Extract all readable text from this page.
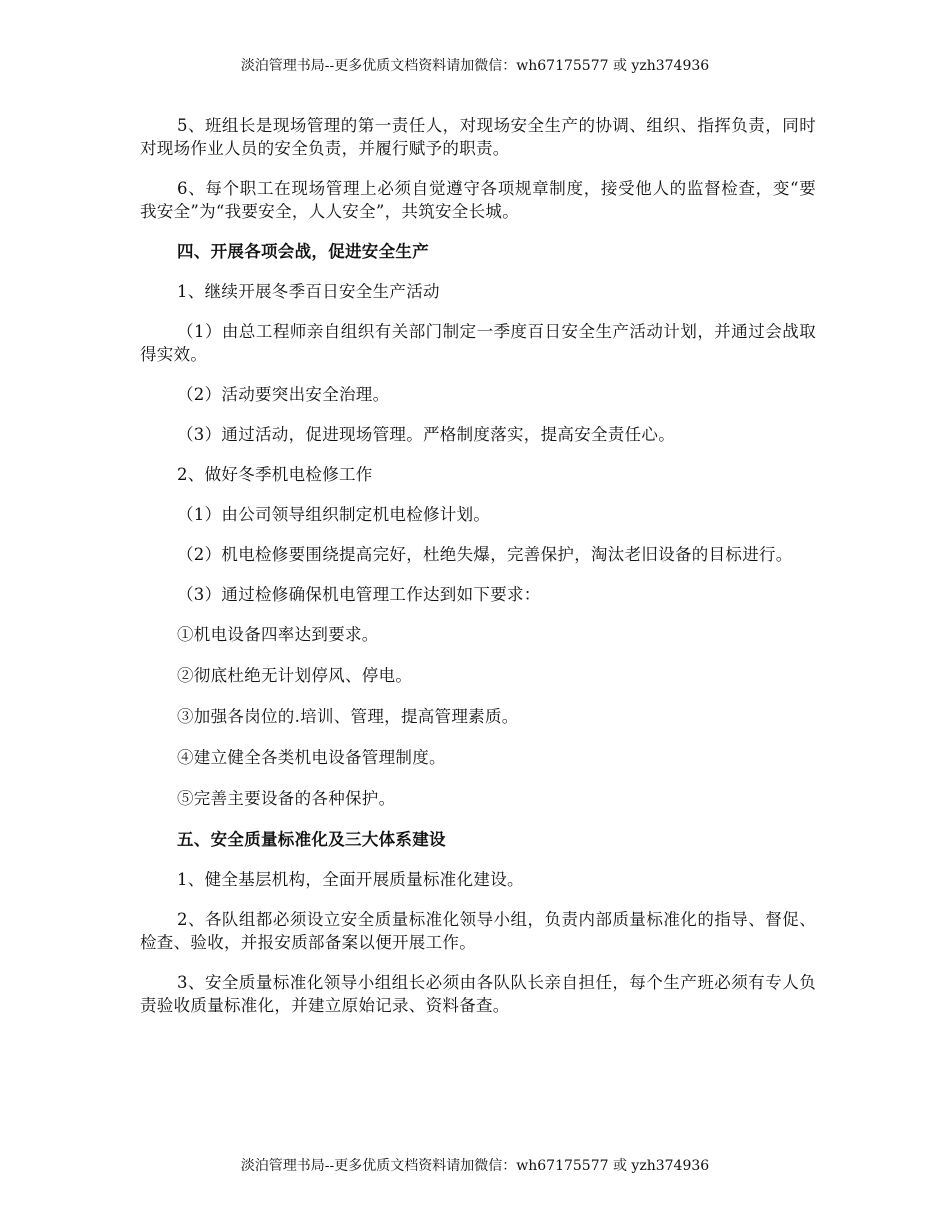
淡泊管理书局--更多优质文档资料请加微信：wh67175577 或 yzh374936

5、班组长是现场管理的第一责任人，对现场安全生产的协调、组织、指挥负责，同时对现场作业人员的安全负责，并履行赋予的职责。

6、每个职工在现场管理上必须自觉遵守各项规章制度，接受他人的监督检查，变“要我安全”为“我要安全，人人安全”，共筑安全长城。

四、开展各项会战，促进安全生产

1、继续开展冬季百日安全生产活动

（1）由总工程师亲自组织有关部门制定一季度百日安全生产活动计划，并通过会战取得实效。

（2）活动要突出安全治理。

（3）通过活动，促进现场管理。严格制度落实，提高安全责任心。

2、做好冬季机电检修工作

（1）由公司领导组织制定机电检修计划。

（2）机电检修要围绕提高完好，杜绝失爆，完善保护，淘汰老旧设备的目标进行。

（3）通过检修确保机电管理工作达到如下要求：

①机电设备四率达到要求。

②彻底杜绝无计划停风、停电。

③加强各岗位的.培训、管理，提高管理素质。

④建立健全各类机电设备管理制度。

⑤完善主要设备的各种保护。

五、安全质量标准化及三大体系建设

1、健全基层机构，全面开展质量标准化建设。

2、各队组都必须设立安全质量标准化领导小组，负责内部质量标准化的指导、督促、检查、验收，并报安质部备案以便开展工作。

3、安全质量标准化领导小组组长必须由各队队长亲自担任，每个生产班必须有专人负责验收质量标准化，并建立原始记录、资料备查。

淡泊管理书局--更多优质文档资料请加微信：wh67175577 或 yzh374936
